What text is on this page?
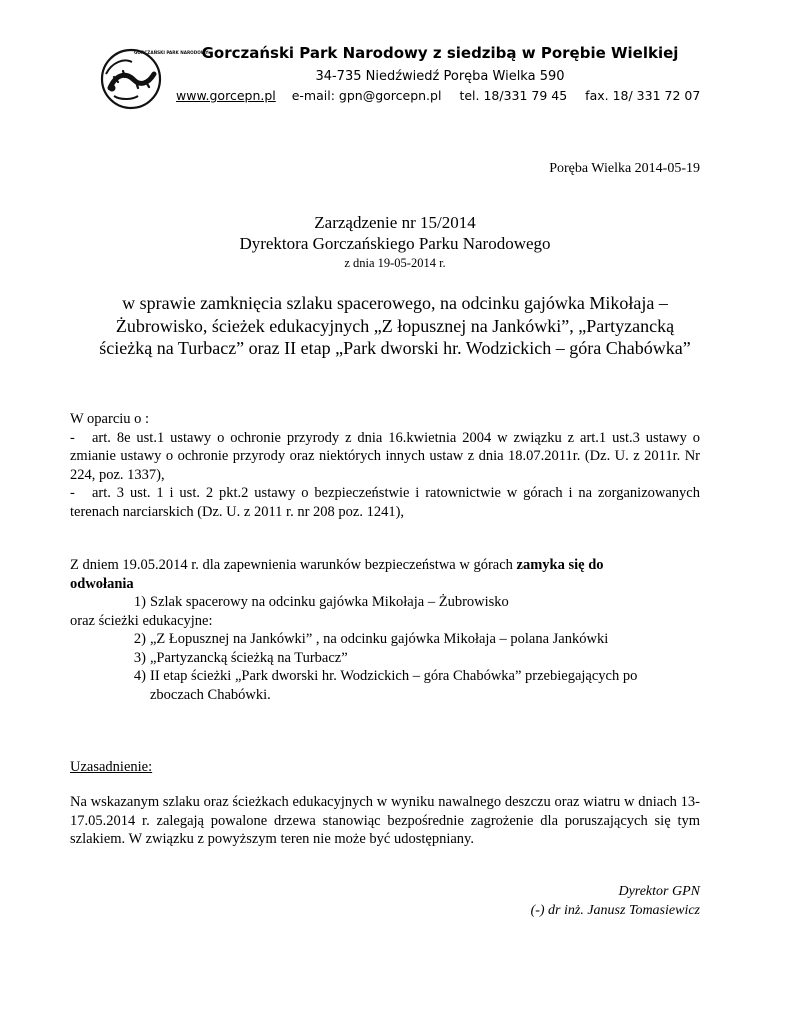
GORCZAŃSKI PARK NARODOWY
Gorczański Park Narodowy z siedzibą w Porębie Wielkiej
34-735 Niedźwiedź Poręba Wielka 590
www.gorcepn.pl e-mail: gpn@gorcepn.pl tel. 18/331 79 45 fax. 18/ 331 72 07
Poręba Wielka 2014-05-19
Zarządzenie nr 15/2014
Dyrektora Gorczańskiego Parku Narodowego
z dnia 19-05-2014 r.
w sprawie zamknięcia szlaku spacerowego, na odcinku gajówka Mikołaja –
Żubrowisko, ścieżek edukacyjnych „Z łopusznej na Jankówki”, „Partyzancką
ścieżką na Turbacz” oraz II etap „Park dworski hr. Wodzickich – góra Chabówka”
W oparciu o :
- art. 8e ust.1 ustawy o ochronie przyrody z dnia 16.kwietnia 2004 w związku z art.1 ust.3 ustawy o zmianie ustawy o ochronie przyrody oraz niektórych innych ustaw z dnia 18.07.2011r. (Dz. U. z 2011r. Nr 224, poz. 1337),
- art. 3 ust. 1 i ust. 2 pkt.2 ustawy o bezpieczeństwie i ratownictwie w górach i na zorganizowanych terenach narciarskich (Dz. U. z 2011 r. nr 208 poz. 1241),
Z dniem 19.05.2014 r. dla zapewnienia warunków bezpieczeństwa w górach zamyka się do
odwołania
1) Szlak spacerowy na odcinku gajówka Mikołaja – Żubrowisko
oraz ścieżki edukacyjne:
2) „Z Łopusznej na Jankówki” , na odcinku gajówka Mikołaja – polana Jankówki
3) „Partyzancką ścieżką na Turbacz”
4) II etap ścieżki „Park dworski hr. Wodzickich – góra Chabówka” przebiegających po
zboczach Chabówki.
Uzasadnienie:
Na wskazanym szlaku oraz ścieżkach edukacyjnych w wyniku nawalnego deszczu oraz wiatru w dniach 13-17.05.2014 r. zalegają powalone drzewa stanowiąc bezpośrednie zagrożenie dla poruszających się tym szlakiem. W związku z powyższym teren nie może być udostępniany.
Dyrektor GPN
(-) dr inż. Janusz Tomasiewicz
